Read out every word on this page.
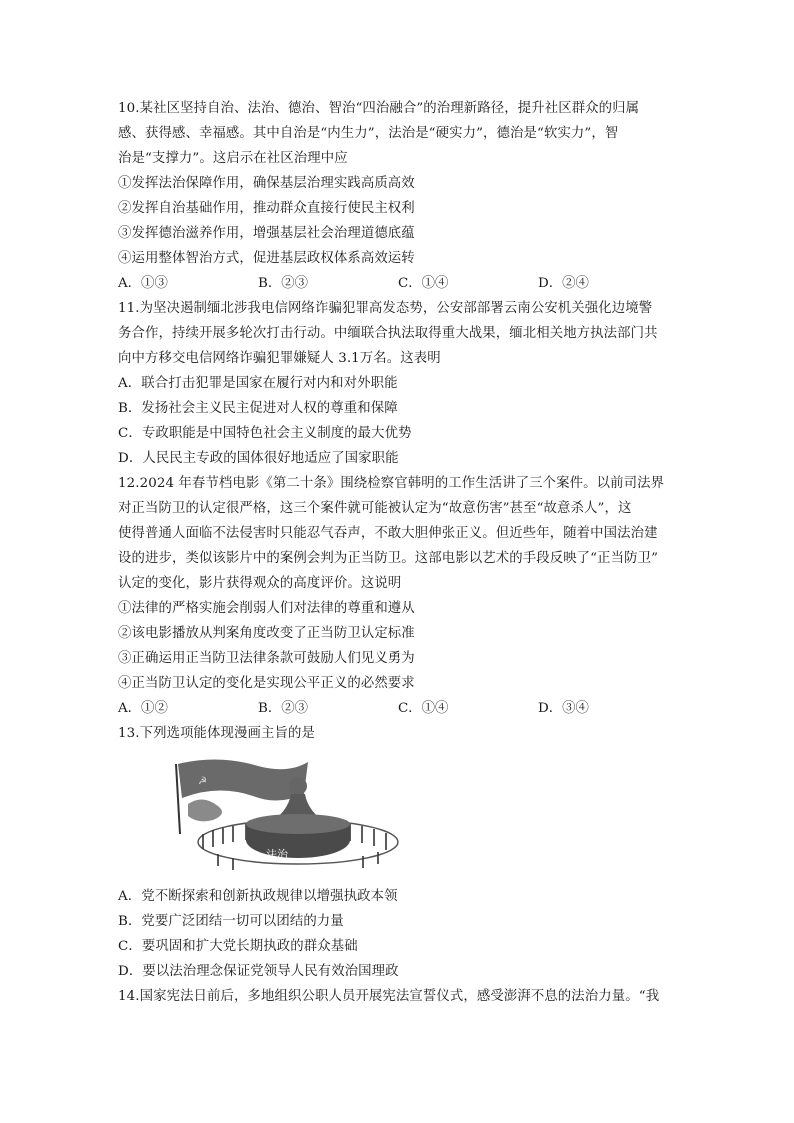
10.某社区坚持自治、法治、德治、智治“四治融合”的治理新路径，提升社区群众的归属
感、获得感、幸福感。其中自治是“内生力”，法治是“硬实力”，德治是“软实力”，智
治是“支撑力”。这启示在社区治理中应
①发挥法治保障作用，确保基层治理实践高质高效
②发挥自治基础作用，推动群众直接行使民主权利
③发挥德治滋养作用，增强基层社会治理道德底蕴
④运用整体智治方式，促进基层政权体系高效运转
A．①③	B．②③	C．①④	D．②④
11.为坚决遏制缅北涉我电信网络诈骗犯罪高发态势，公安部部署云南公安机关强化边境警
务合作，持续开展多轮次打击行动。中缅联合执法取得重大战果，缅北相关地方执法部门共
向中方移交电信网络诈骗犯罪嫌疑人 3.1万名。这表明
A．联合打击犯罪是国家在履行对内和对外职能
B．发扬社会主义民主促进对人权的尊重和保障
C．专政职能是中国特色社会主义制度的最大优势
D．人民民主专政的国体很好地适应了国家职能
12.2024 年春节档电影《第二十条》围绕检察官韩明的工作生活讲了三个案件。以前司法界
对正当防卫的认定很严格，这三个案件就可能被认定为“故意伤害”甚至“故意杀人”，这
使得普通人面临不法侵害时只能忍气吞声，不敢大胆伸张正义。但近些年，随着中国法治建
设的进步，类似该影片中的案例会判为正当防卫。这部电影以艺术的手段反映了“正当防卫”
认定的变化，影片获得观众的高度评价。这说明
①法律的严格实施会削弱人们对法律的尊重和遵从
②该电影播放从判案角度改变了正当防卫认定标准
③正确运用正当防卫法律条款可鼓励人们见义勇为
④正当防卫认定的变化是实现公平正义的必然要求
A．①②	B．②③	C．①④	D．③④
13.下列选项能体现漫画主旨的是
☭
法治
A．党不断探索和创新执政规律以增强执政本领
B．党要广泛团结一切可以团结的力量
C．要巩固和扩大党长期执政的群众基础
D．要以法治理念保证党领导人民有效治国理政
14.国家宪法日前后，多地组织公职人员开展宪法宣誓仪式，感受澎湃不息的法治力量。“我
